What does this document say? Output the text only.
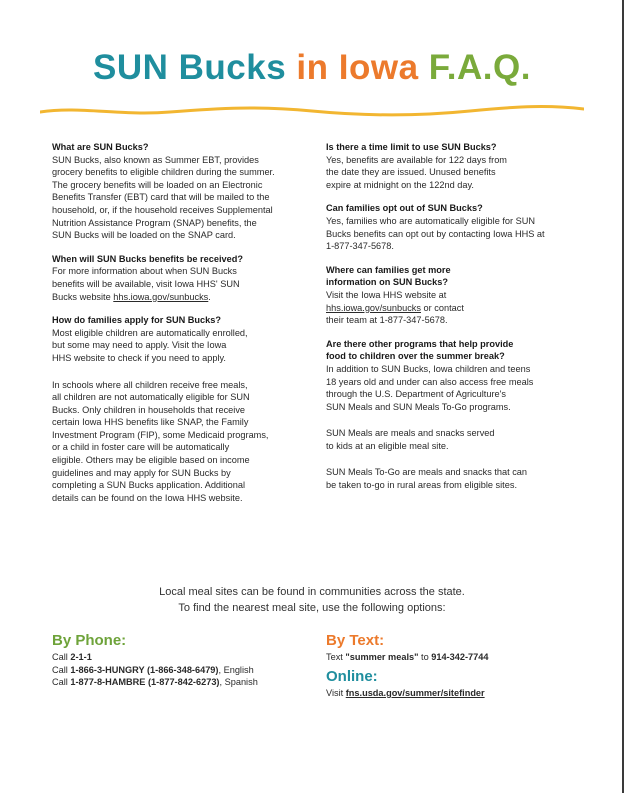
SUN Bucks in Iowa F.A.Q.

What are SUN Bucks?

SUN Bucks, also known as Summer EBT, provides
grocery benefits to eligible children during the summer.
The grocery benefits will be loaded on an Electronic
Benefits Transfer (EBT) card that will be mailed to the
household, or, if the household receives Supplemental
Nutrition Assistance Program (SNAP) benefits, the
SUN Bucks will be loaded on the SNAP card.

When will SUN Bucks benefits be received?

For more information about when SUN Bucks
benefits will be available, visit Iowa HHS' SUN
Bucks website hhs.iowa.gov/sunbucks.

How do families apply for SUN Bucks?

Most eligible children are automatically enrolled,
but some may need to apply. Visit the Iowa
HHS website to check if you need to apply.

In schools where all children receive free meals,
all children are not automatically eligible for SUN
Bucks. Only children in households that receive
certain Iowa HHS benefits like SNAP, the Family
Investment Program (FIP), some Medicaid programs,
or a child in foster care will be automatically
eligible. Others may be eligible based on income
guidelines and may apply for SUN Bucks by
completing a SUN Bucks application. Additional
details can be found on the Iowa HHS website.

Is there a time limit to use SUN Bucks?

Yes, benefits are available for 122 days from
the date they are issued. Unused benefits
expire at midnight on the 122nd day.

Can families opt out of SUN Bucks?

Yes, families who are automatically eligible for SUN
Bucks benefits can opt out by contacting Iowa HHS at
1-877-347-5678.

Where can families get more
information on SUN Bucks?

Visit the Iowa HHS website at
hhs.iowa.gov/sunbucks or contact
their team at 1-877-347-5678.

Are there other programs that help provide
food to children over the summer break?

In addition to SUN Bucks, Iowa children and teens
18 years old and under can also access free meals
through the U.S. Department of Agriculture's
SUN Meals and SUN Meals To-Go programs.

SUN Meals are meals and snacks served
to kids at an eligible meal site.

SUN Meals To-Go are meals and snacks that can
be taken to-go in rural areas from eligible sites.

Local meal sites can be found in communities across the state.

To find the nearest meal site, use the following options:

By Phone:

Call 2-1-1

Call 1-866-3-HUNGRY (1-866-348-6479), English

Call 1-877-8-HAMBRE (1-877-842-6273), Spanish

By Text:

Text "summer meals" to 914-342-7744

Online:

Visit fns.usda.gov/summer/sitefinder
